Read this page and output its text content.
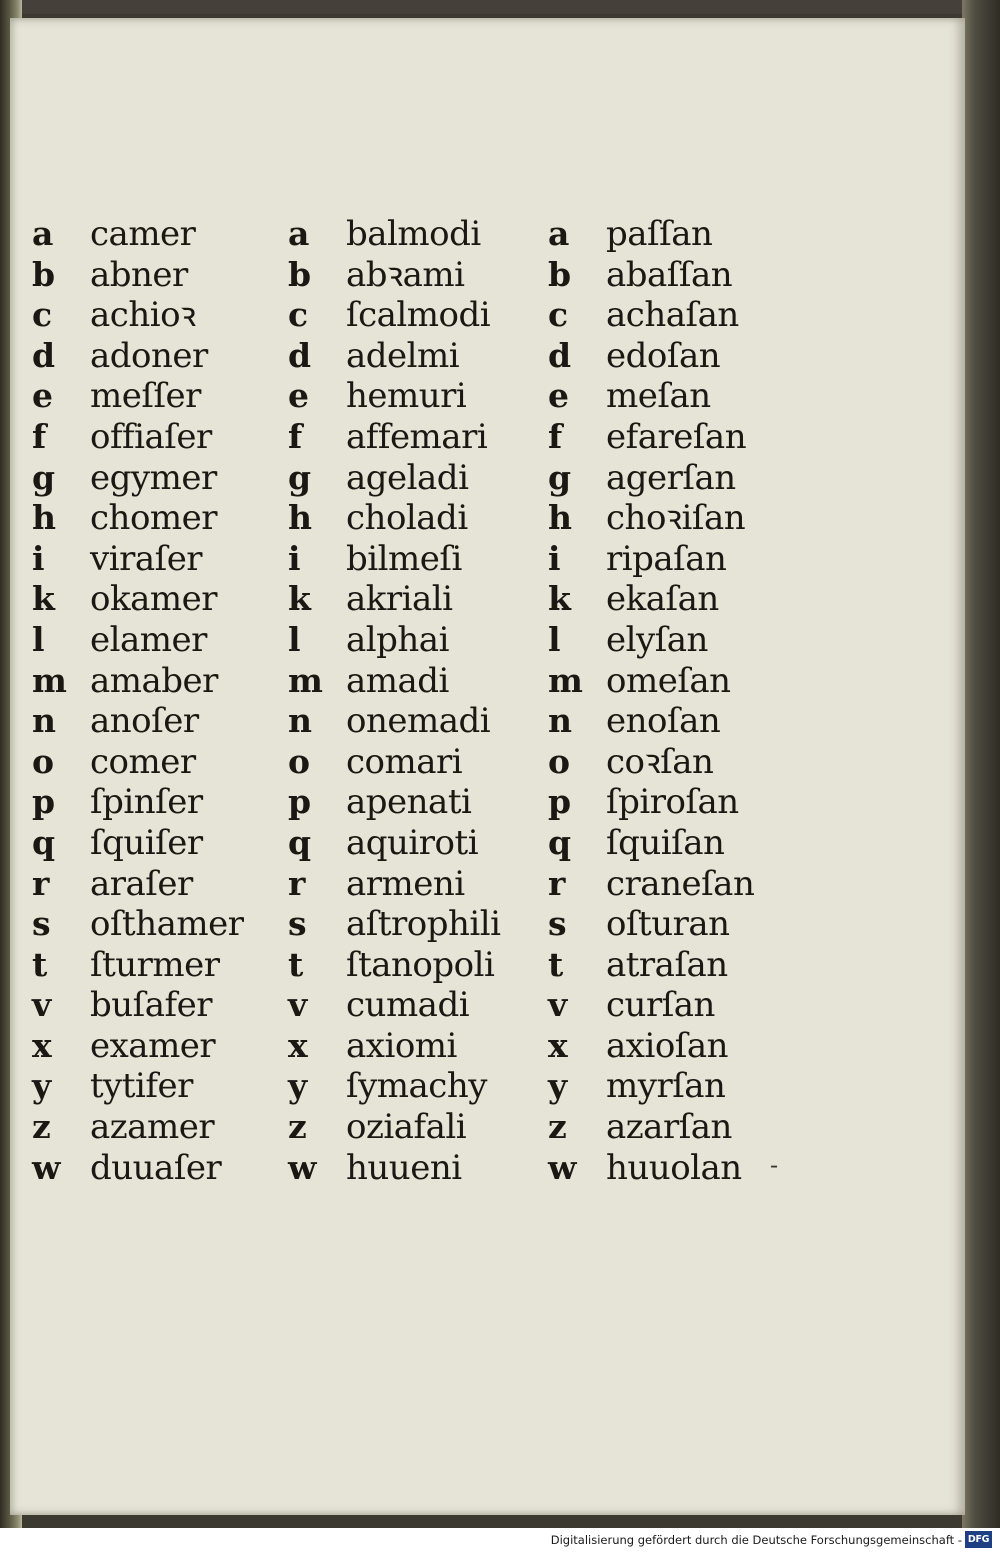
a	camer
b	abner
c	achioꝛ
d	adoner
e	meſſer
f	offiaſer
g	egymer
h	chomer
i	viraſer
k	okamer
l	elamer
m amaber
n	anoſer
o	comer
p	ſpinſer
q	ſquiſer
r	araſer
s	oſthamer
t	ſturmer
v	buſafer
x	examer
y	tytifer
z	azamer
w duuaſer
a	balmodi
b	abꝛami
c	ſcalmodi
d	adelmi
e	hemuri
f	affemari
g	ageladi
h	choladi
i	bilmeſi
k	akriali
l	alphai
m amadi
n	onemadi
o	comari
p	apenati
q	aquiroti
r	armeni
s	aſtrophili
t	ſtanopoli
v	cumadi
x	axiomi
y	ſymachy
z	oziafali
w huueni
a	paſſan
b	abaſſan
c	achaſan
d	edoſan
e	meſan
f	efareſan
g	agerſan
h	choꝛiſan
i	ripaſan
k	ekaſan
l	elyſan
m omeſan
n	enoſan
o	coꝛſan
p	ſpiroſan
q	ſquiſan
r	craneſan
s	oſturan
t	atraſan
v	curſan
x	axioſan
y	myrſan
z	azarſan
w huuolan -
Digitalisierung gefördert durch die Deutsche Forschungsgemeinschaft - DFG
